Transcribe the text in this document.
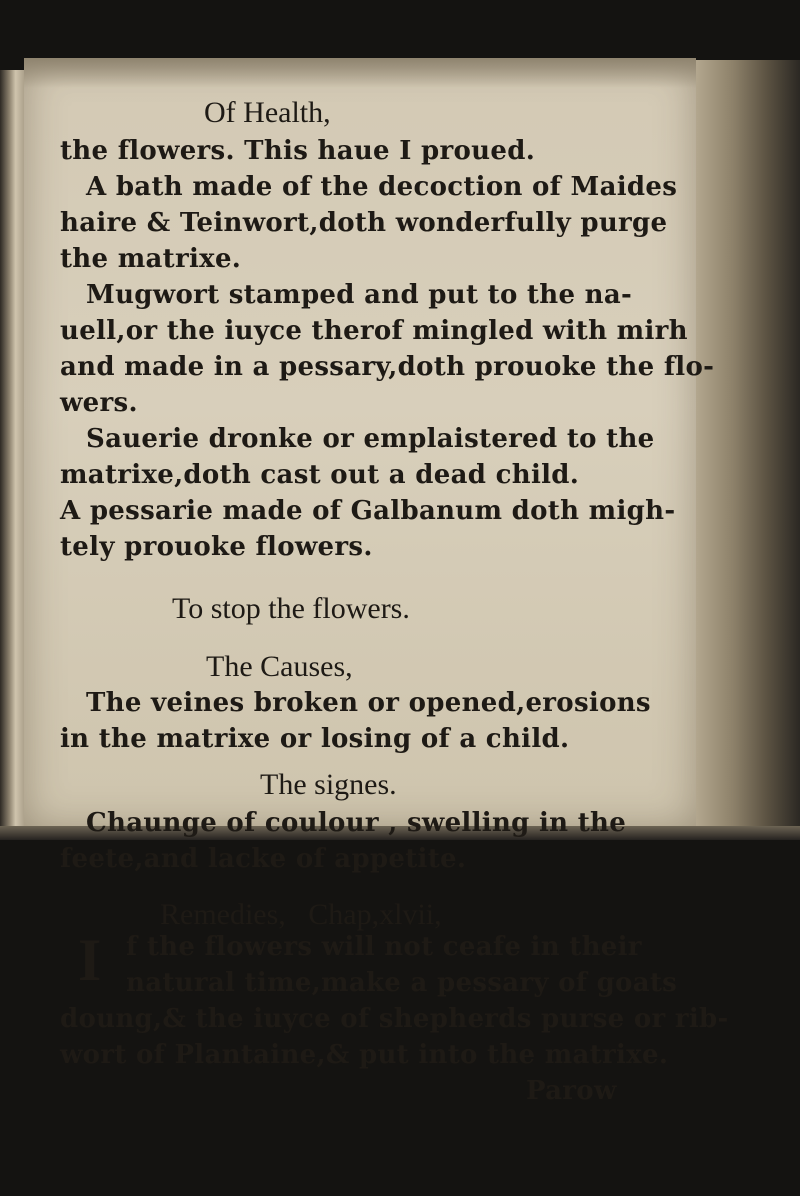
Of Health,
the flowers. This haue I proued.
A bath made of the decoction of Maides
haire & Teinwort,doth wonderfully purge
the matrixe.
Mugwort stamped and put to the na-
uell,or the iuyce therof mingled with mirh
and made in a pessary,doth prouoke the flo-
wers.
Sauerie dronke or emplaistered to the
matrixe,doth cast out a dead child.
A pessarie made of Galbanum doth migh-
tely prouoke flowers.
To stop the flowers.
The Causes,
The veines broken or opened,erosions
in the matrixe or losing of a child.
The signes.
Chaunge of coulour , swelling in the
feete,and lacke of appetite.
Remedies,   Chap,xlvii,
I f the flowers will not ceafe in their
natural time,make a pessary of goats
doung,& the iuyce of shepherds purse or rib-
wort of Plantaine,& put into the matrixe.
Parow
